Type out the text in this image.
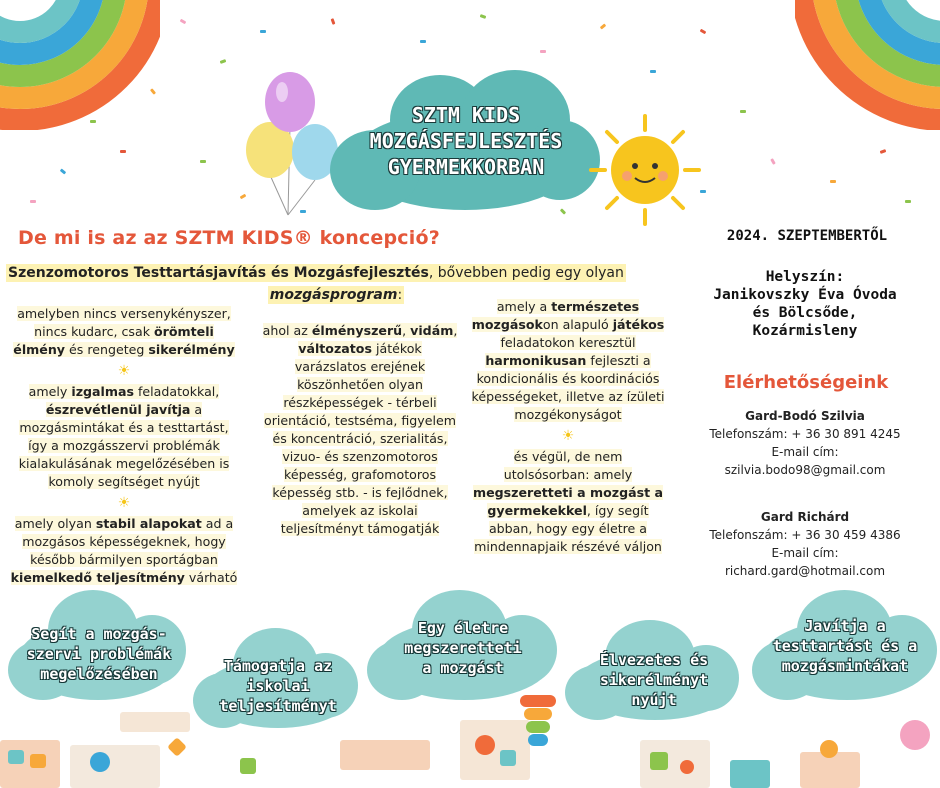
SZTM KIDS
MOZGÁSFEJLESZTÉS
GYERMEKKORBAN
De mi is az az SZTM KIDS® koncepció?
Szenzomotoros Testtartásjavítás és Mozgásfejlesztés, bővebben pedig egy olyan

mozgásprogram:
amelyben nincs versenykényszer, nincs kudarc, csak örömteli élmény és rengeteg sikerélmény
☀
amely izgalmas feladatokkal, észrevétlenül javítja a mozgásmintákat és a testtartást, így a mozgásszervi problémák kialakulásának megelőzésében is komoly segítséget nyújt
☀
amely olyan stabil alapokat ad a mozgásos képességeknek, hogy később bármilyen sportágban kiemelkedő teljesítmény várható
ahol az élményszerű, vidám, változatos játékok varázslatos erejének köszönhetően olyan részképességek - térbeli orientáció, testséma, figyelem és koncentráció, szerialitás, vizuo- és szenzomotoros képesség, grafomotoros képesség stb. - is fejlődnek, amelyek az iskolai teljesítményt támogatják
amely a természetes mozgásokon alapuló játékos feladatokon keresztül harmonikusan fejleszti a kondicionális és koordinációs képességeket, illetve az ízületi mozgékonyságot
☀
és végül, de nem utolsósorban: amely megszeretteti a mozgást a gyermekekkel, így segít abban, hogy egy életre a mindennapjaik részévé váljon
2024. SZEPTEMBERTŐL
Helyszín:
Janikovszky Éva Óvoda
és Bölcsőde,
Kozármisleny
Elérhetőségeink
Gard-Bodó Szilvia
Telefonszám: + 36 30 891 4245
E-mail cím:
szilvia.bodo98@gmail.com
Gard Richárd
Telefonszám: + 36 30 459 4386
E-mail cím:
richard.gard@hotmail.com
Segít a mozgás-
szervi problémák
megelőzésében	Támogatja az
iskolai
teljesítményt
Egy életre
megszeretteti
a mozgást	Élvezetes és
sikerélményt
nyújt
Javítja a
testtartást és a
mozgásmintákat
